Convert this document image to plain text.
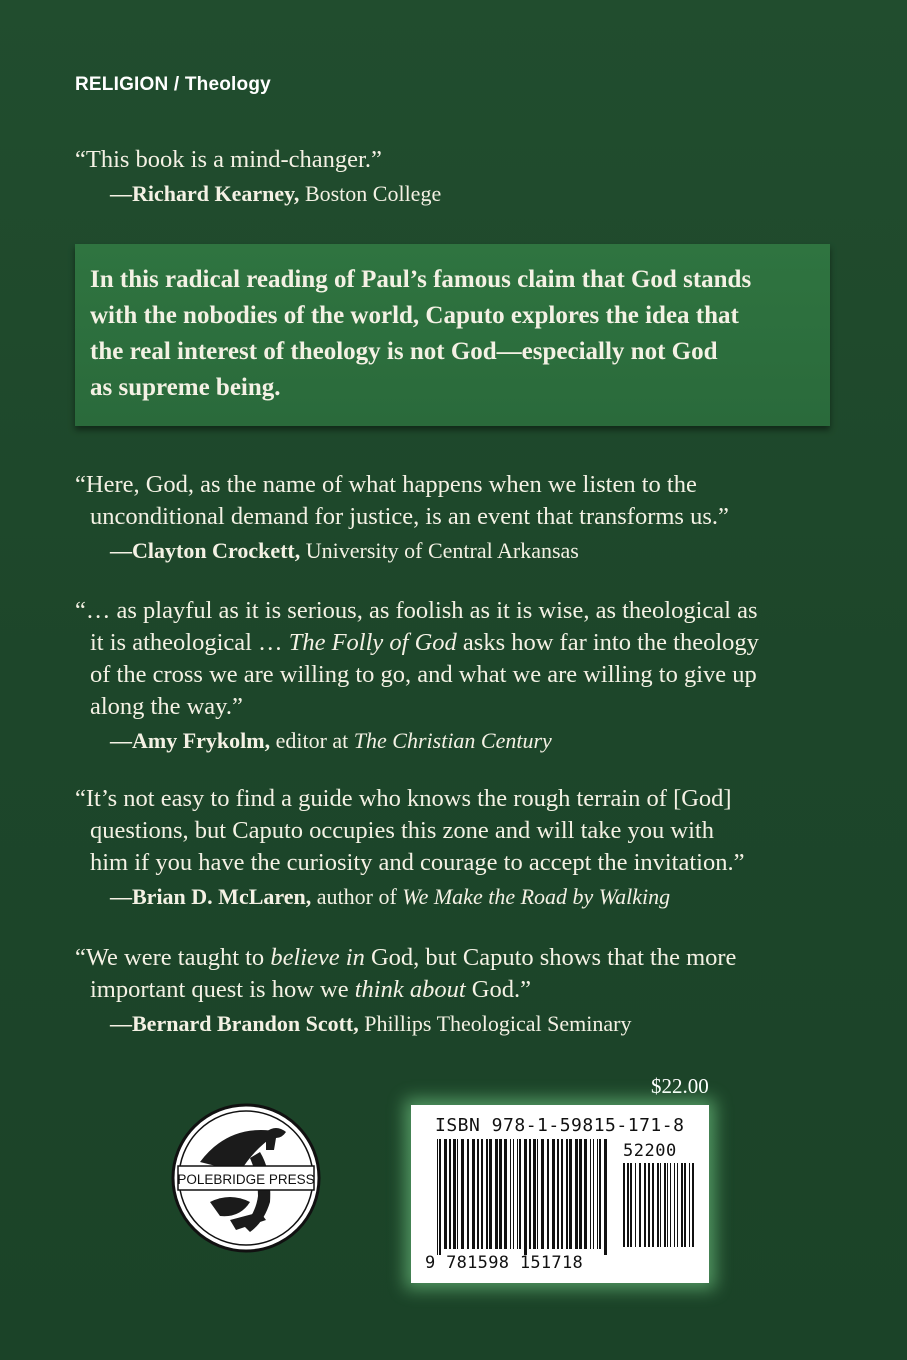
RELIGION / Theology
“This book is a mind-changer.”
—Richard Kearney, Boston College
In this radical reading of Paul’s famous claim that God stands
with the nobodies of the world, Caputo explores the idea that
the real interest of theology is not God—especially not God
as supreme being.
“Here, God, as the name of what happens when we listen to the
unconditional demand for justice, is an event that transforms us.”
—Clayton Crockett, University of Central Arkansas
“… as playful as it is serious, as foolish as it is wise, as theological as
it is atheological … The Folly of God asks how far into the theology
of the cross we are willing to go, and what we are willing to give up
along the way.”
—Amy Frykolm, editor at The Christian Century
“It’s not easy to find a guide who knows the rough terrain of [God]
questions, but Caputo occupies this zone and will take you with
him if you have the curiosity and courage to accept the invitation.”
—Brian D. McLaren, author of We Make the Road by Walking
“We were taught to believe in God, but Caputo shows that the more
important quest is how we think about God.”
—Bernard Brandon Scott, Phillips Theological Seminary
$22.00
POLEBRIDGE PRESS
ISBN 978-1-59815-171-8
52200
9 781598 151718
